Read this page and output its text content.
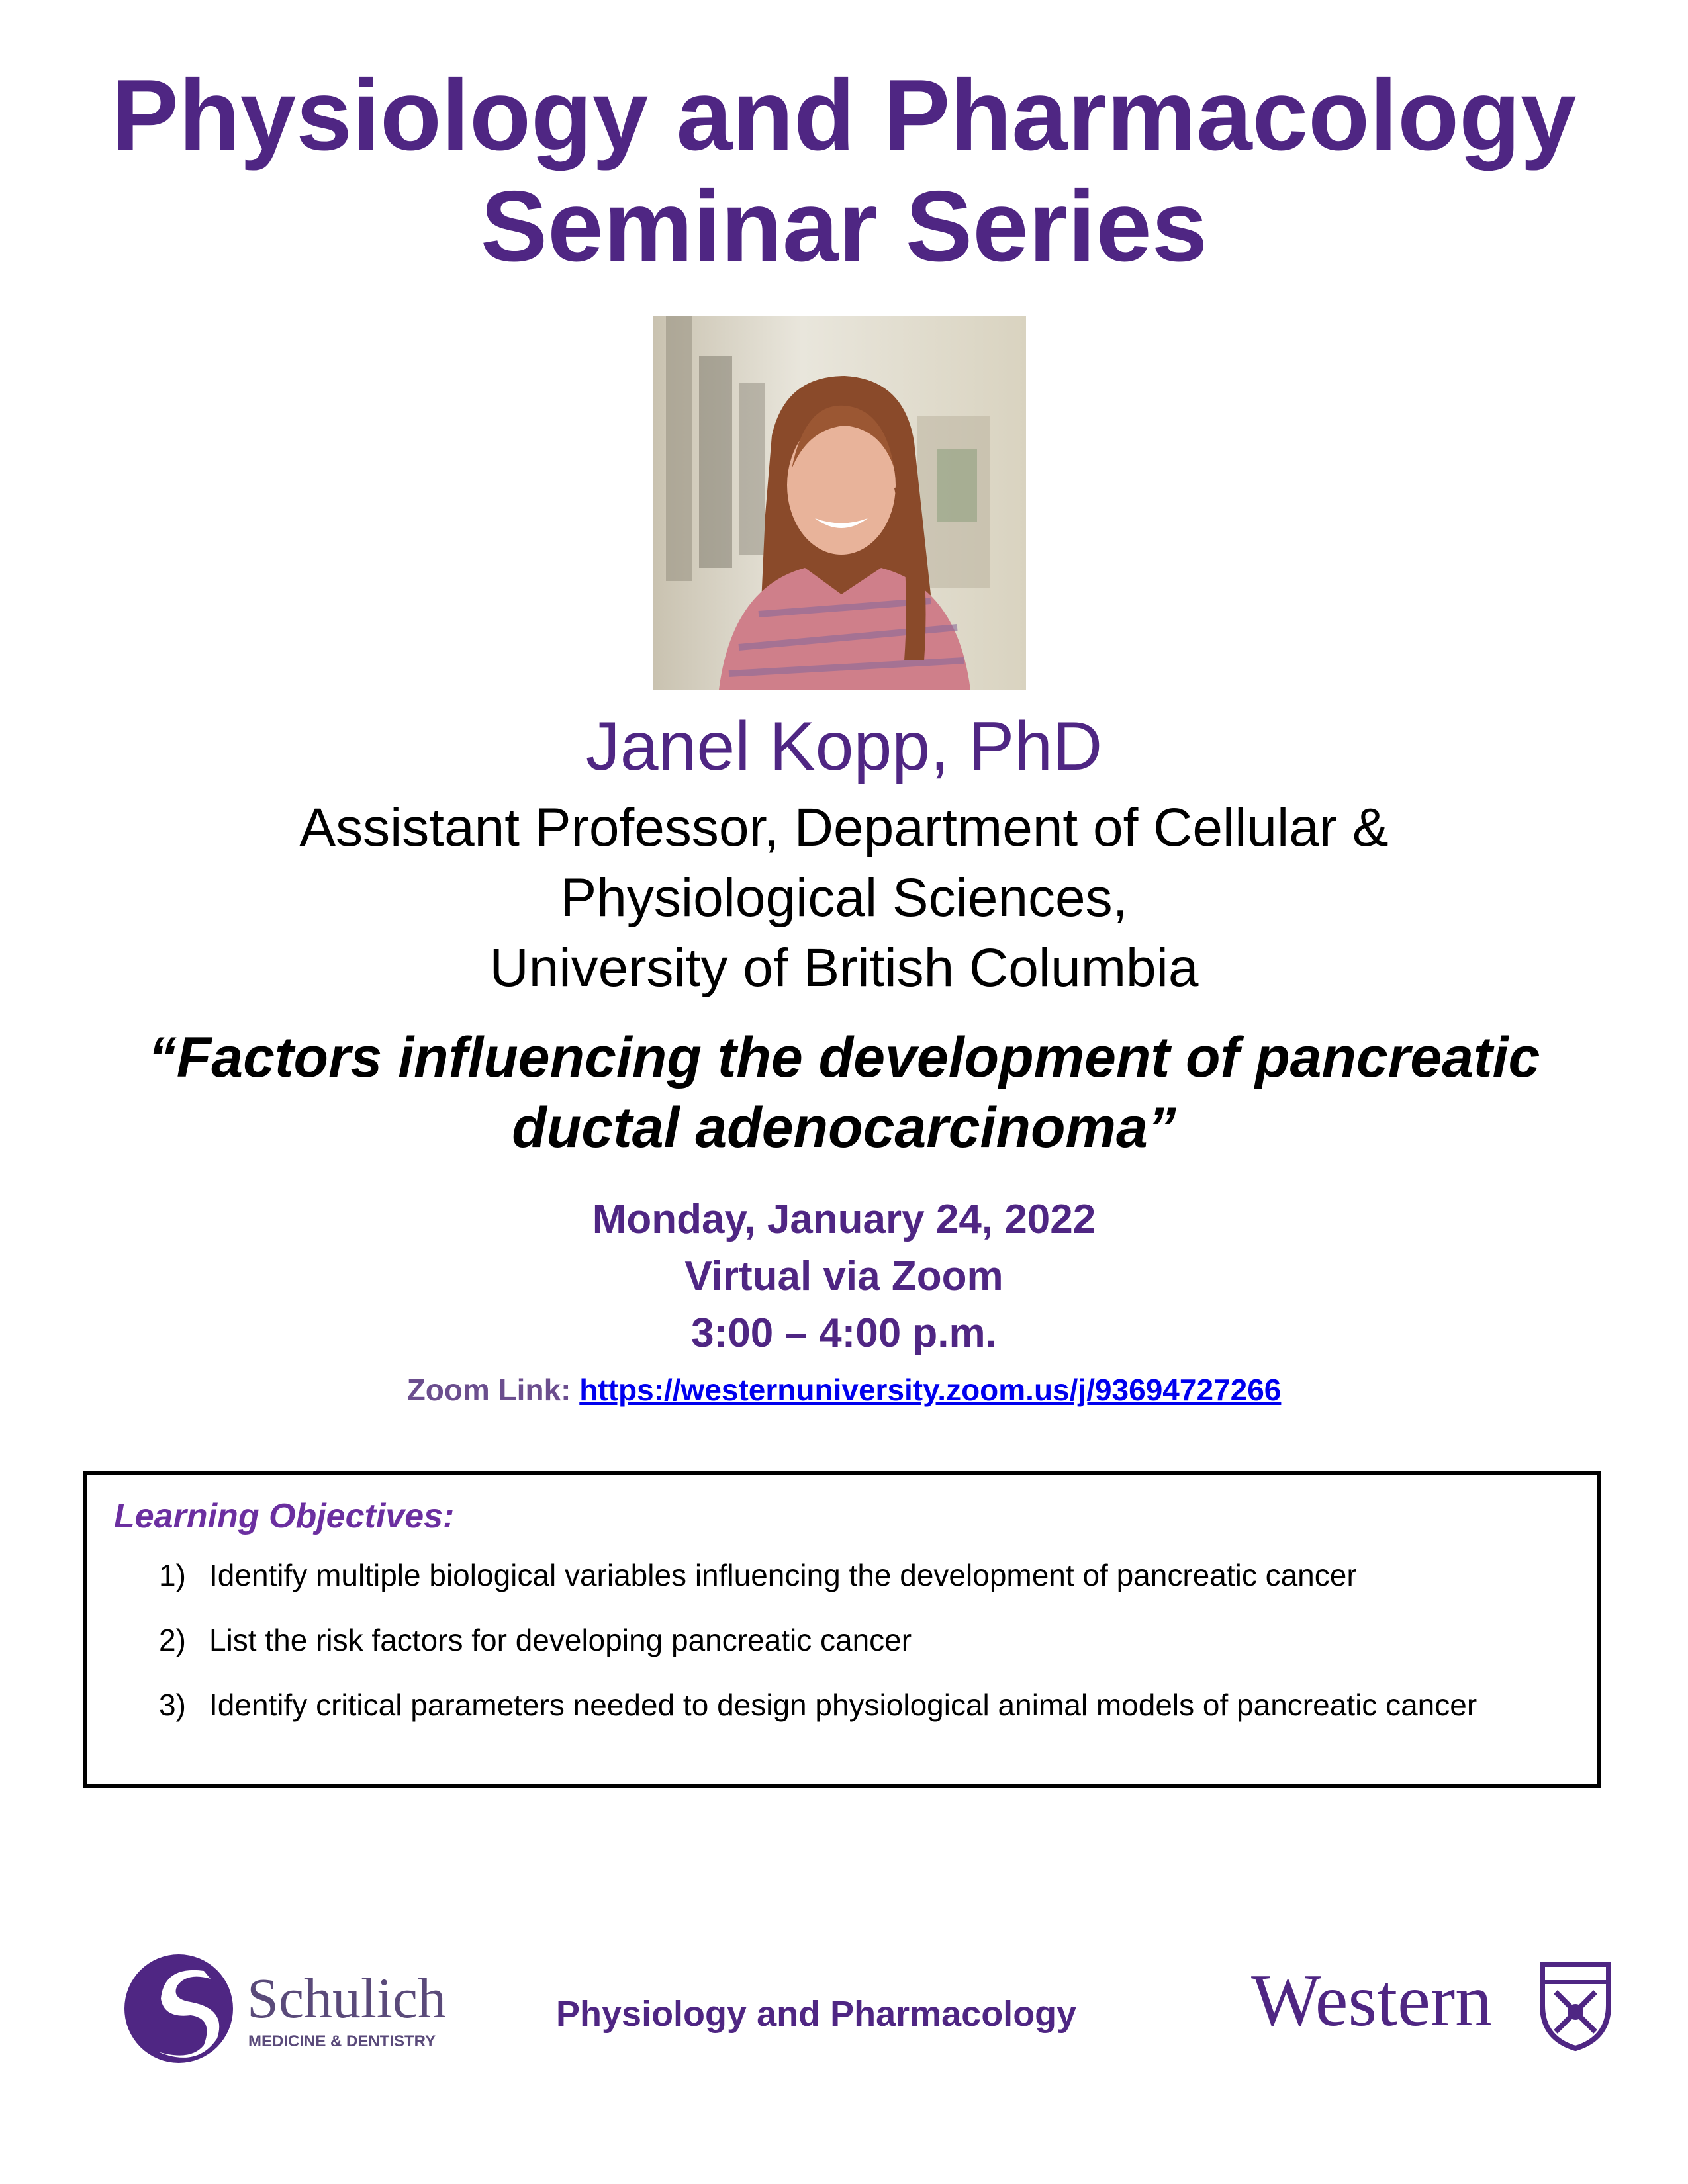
Physiology and Pharmacology
Seminar Series
Janel Kopp, PhD
Assistant Professor, Department of Cellular &
Physiological Sciences,
University of British Columbia
“Factors influencing the development of pancreatic
ductal adenocarcinoma”
Monday, January 24, 2022
Virtual via Zoom
3:00 – 4:00 p.m.
Zoom Link: https://westernuniversity.zoom.us/j/93694727266
Learning Objectives:
1) Identify multiple biological variables influencing the development of pancreatic cancer
2) List the risk factors for developing pancreatic cancer
3) Identify critical parameters needed to design physiological animal models of pancreatic cancer
Schulich
MEDICINE & DENTISTRY
Physiology and Pharmacology	Western
